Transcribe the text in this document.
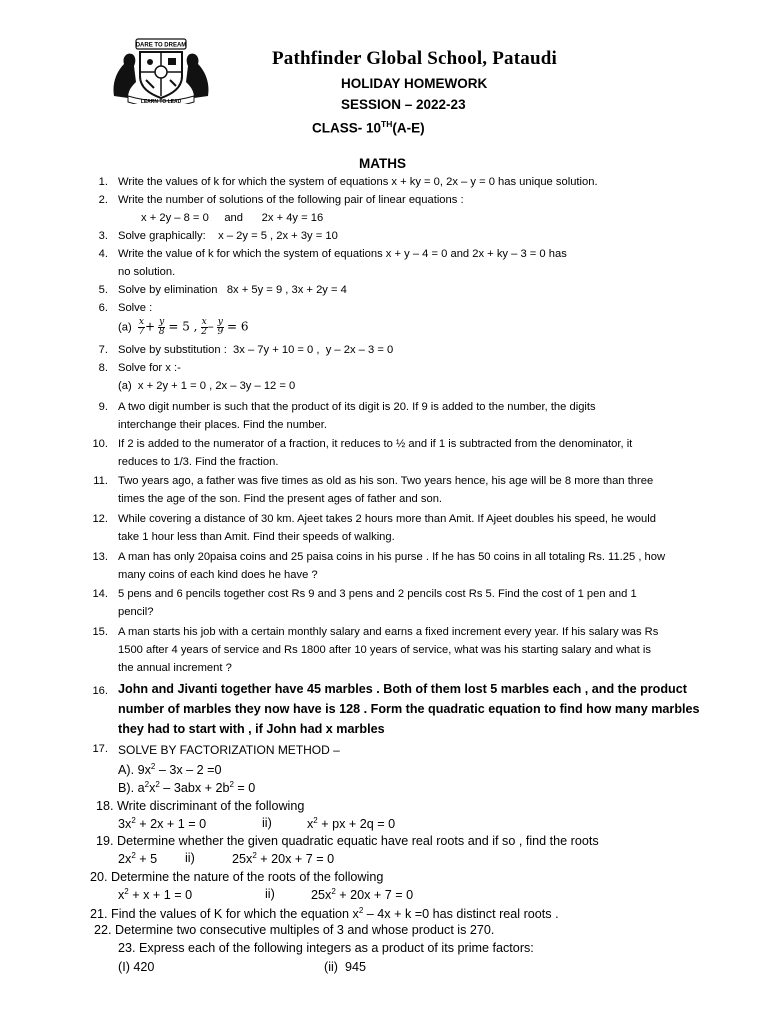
DARE TO DREAM
LEARN TO LEAD
Pathfinder Global School, Pataudi
HOLIDAY HOMEWORK
SESSION – 2022-23
CLASS- 10TH(A-E)
MATHS
1. Write the values of k for which the system of equations x + ky = 0, 2x – y = 0 has unique solution.
2. Write the number of solutions of the following pair of linear equations :
x + 2y – 8 = 0     and      2x + 4y = 16
3. Solve graphically:    x – 2y = 5 , 2x + 3y = 10
4. Write the value of k for which the system of equations x + y – 4 = 0 and 2x + ky – 3 = 0 has
no solution.
5. Solve by elimination   8x + 5y = 9 , 3x + 2y = 4
6. Solve :
$(a) \frac{x}{7} + \frac{y}{8} = 5$ , $\frac{x}{2} - \frac{y}{9} = 6$
7. Solve by substitution :  3x – 7y + 10 = 0 ,  y – 2x – 3 = 0
8. Solve for x :-
(a)  x + 2y + 1 = 0 , 2x – 3y – 12 = 0
9. A two digit number is such that the product of its digit is 20. If 9 is added to the number, the digits
interchange their places. Find the number.
10. If 2 is added to the numerator of a fraction, it reduces to ½ and if 1 is subtracted from the denominator, it
reduces to 1/3. Find the fraction.
11. Two years ago, a father was five times as old as his son. Two years hence, his age will be 8 more than three
times the age of the son. Find the present ages of father and son.
12. While covering a distance of 30 km. Ajeet takes 2 hours more than Amit. If Ajeet doubles his speed, he would
take 1 hour less than Amit. Find their speeds of walking.
13. A man has only 20paisa coins and 25 paisa coins in his purse . If he has 50 coins in all totaling Rs. 11.25 , how
many coins of each kind does he have ?
14. 5 pens and 6 pencils together cost Rs 9 and 3 pens and 2 pencils cost Rs 5. Find the cost of 1 pen and 1
pencil?
15. A man starts his job with a certain monthly salary and earns a fixed increment every year. If his salary was Rs
1500 after 4 years of service and Rs 1800 after 10 years of service, what was his starting salary and what is
the annual increment ?
16. John and Jivanti together have 45 marbles . Both of them lost 5 marbles each , and the product
number of marbles they now have is 128 . Form the quadratic equation to find how many marbles
they had to start with , if John had x marbles
17. SOLVE BY FACTORIZATION METHOD –
A). $9x^2 - 3x - 2 =0$
B). $a^2x^2 - 3abx + 2b^2 = 0$
18. Write discriminant of the following
$3x^2 + 2x + 1 = 0$	ii)	$x^2$ + px + 2q = 0
19. Determine whether the given quadratic equatic have real roots and if so , find the roots
$2x^2 + 5$ ii)	$25x^2 + 20x + 7 = 0$
20. Determine the nature of the roots of the following
$x^2 + x + 1 = 0$	ii)	$25x^2 + 20x + 7 = 0$
21. Find the values of K for which the equation $x^2 - 4x + k =0$ has distinct real roots .
22. Determine two consecutive multiples of 3 and whose product is 270.
23. Express each of the following integers as a product of its prime factors:
(I) 420	(ii)  945
